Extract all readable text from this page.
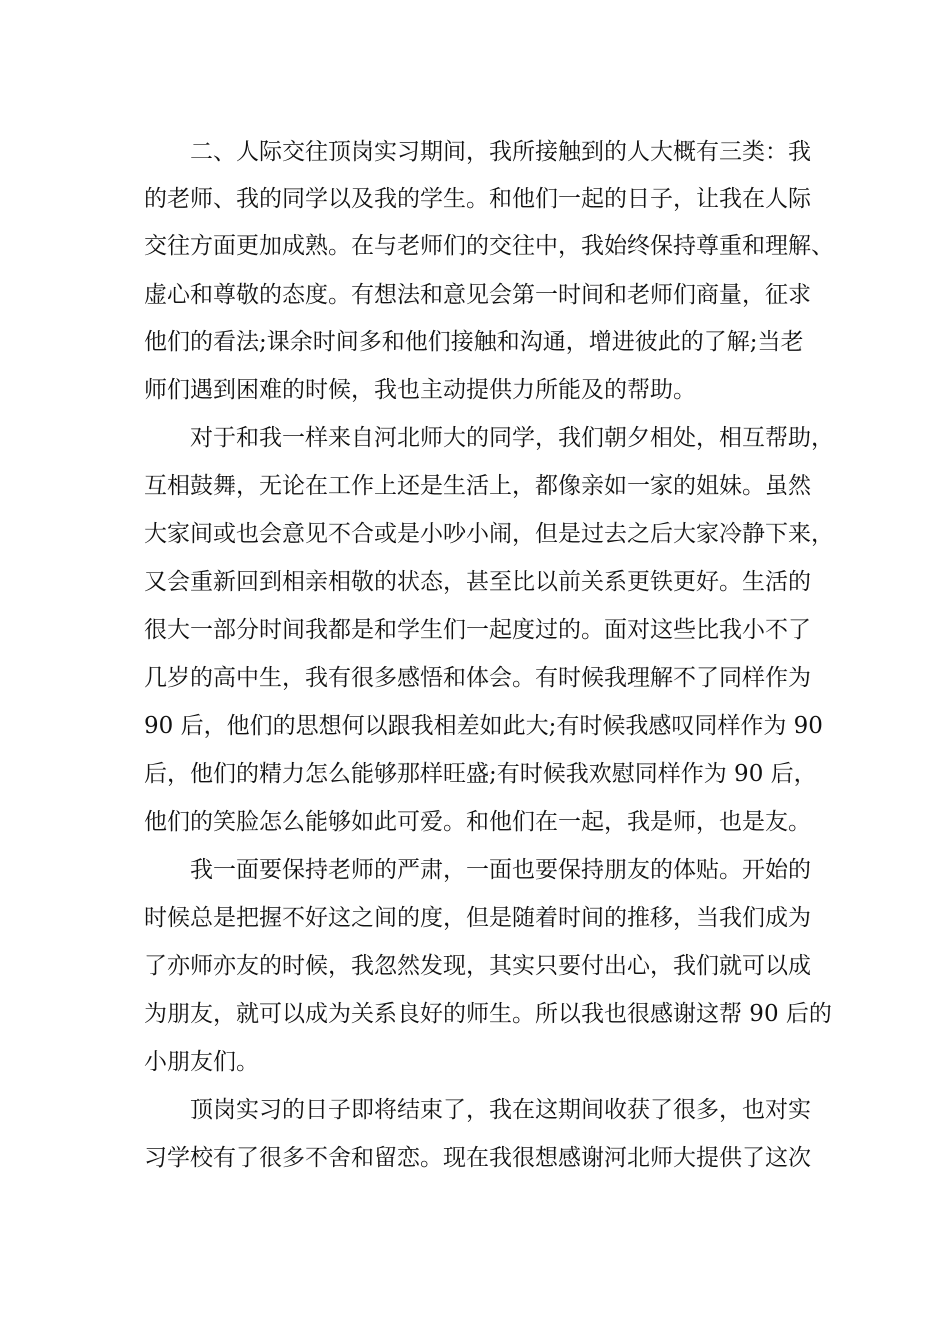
　　二、人际交往顶岗实习期间，我所接触到的人大概有三类：我

的老师、我的同学以及我的学生。和他们一起的日子，让我在人际

交往方面更加成熟。在与老师们的交往中，我始终保持尊重和理解、

虚心和尊敬的态度。有想法和意见会第一时间和老师们商量，征求

他们的看法;课余时间多和他们接触和沟通，增进彼此的了解;当老

师们遇到困难的时候，我也主动提供力所能及的帮助。

　　对于和我一样来自河北师大的同学，我们朝夕相处，相互帮助，

互相鼓舞，无论在工作上还是生活上，都像亲如一家的姐妹。虽然

大家间或也会意见不合或是小吵小闹，但是过去之后大家冷静下来，

又会重新回到相亲相敬的状态，甚至比以前关系更铁更好。生活的

很大一部分时间我都是和学生们一起度过的。面对这些比我小不了

几岁的高中生，我有很多感悟和体会。有时候我理解不了同样作为

90 后，他们的思想何以跟我相差如此大;有时候我感叹同样作为 90

后，他们的精力怎么能够那样旺盛;有时候我欢慰同样作为 90 后，

他们的笑脸怎么能够如此可爱。和他们在一起，我是师，也是友。

　　我一面要保持老师的严肃，一面也要保持朋友的体贴。开始的

时候总是把握不好这之间的度，但是随着时间的推移，当我们成为

了亦师亦友的时候，我忽然发现，其实只要付出心，我们就可以成

为朋友，就可以成为关系良好的师生。所以我也很感谢这帮 90 后的

小朋友们。

　　顶岗实习的日子即将结束了，我在这期间收获了很多，也对实

习学校有了很多不舍和留恋。现在我很想感谢河北师大提供了这次
